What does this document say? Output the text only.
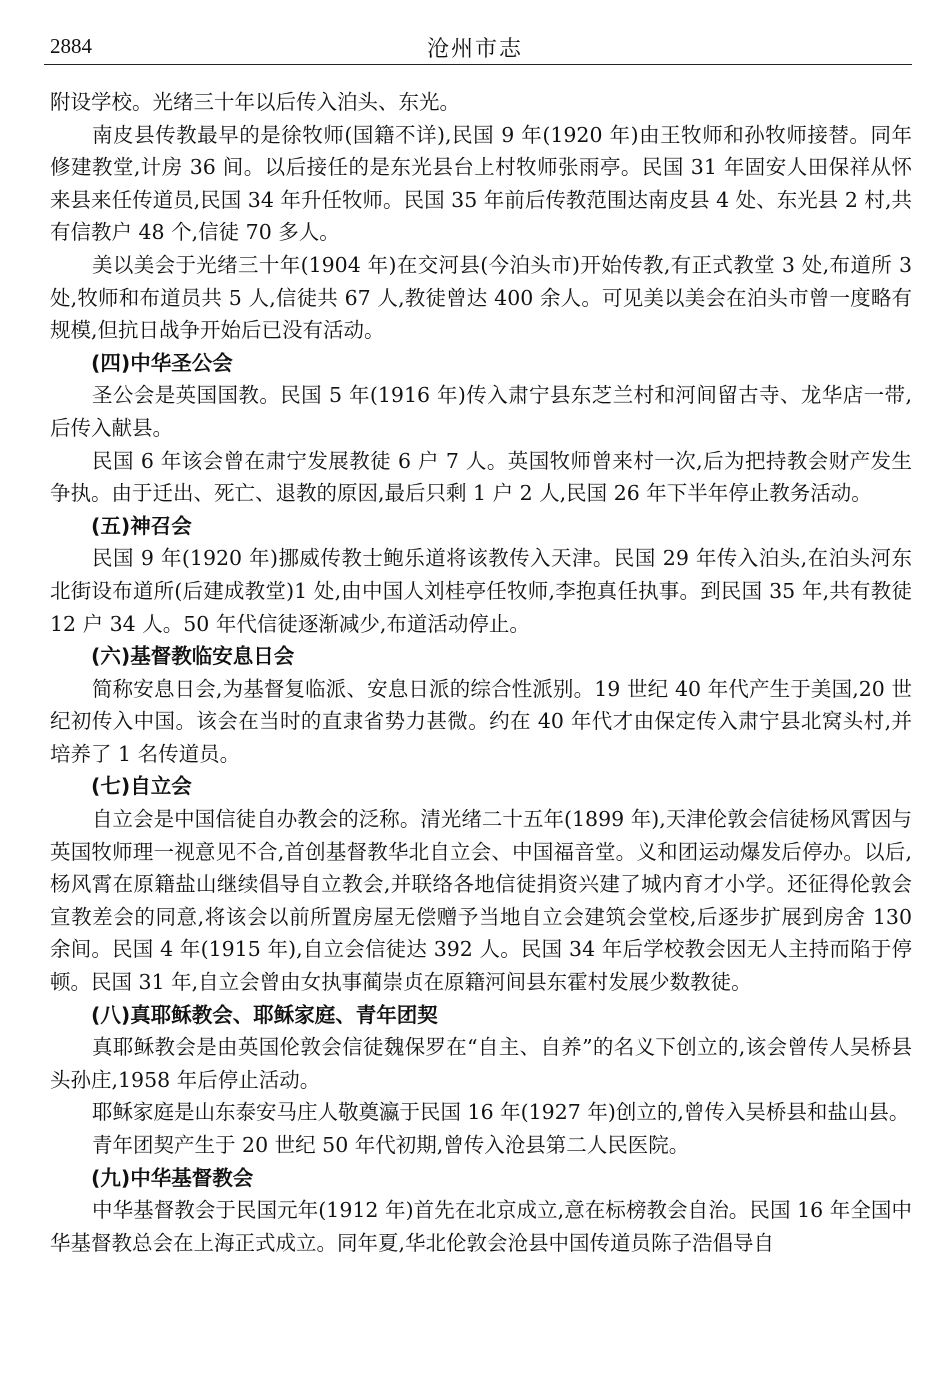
2884	沧州市志

附设学校。光绪三十年以后传入泊头、东光。

南皮县传教最早的是徐牧师(国籍不详),民国 9 年(1920 年)由王牧师和孙牧师接替。同年修建教堂,计房 36 间。以后接任的是东光县台上村牧师张雨亭。民国 31 年固安人田保祥从怀来县来任传道员,民国 34 年升任牧师。民国 35 年前后传教范围达南皮县 4 处、东光县 2 村,共有信教户 48 个,信徒 70 多人。

美以美会于光绪三十年(1904 年)在交河县(今泊头市)开始传教,有正式教堂 3 处,布道所 3 处,牧师和布道员共 5 人,信徒共 67 人,教徒曾达 400 余人。可见美以美会在泊头市曾一度略有规模,但抗日战争开始后已没有活动。

(四)中华圣公会

圣公会是英国国教。民国 5 年(1916 年)传入肃宁县东芝兰村和河间留古寺、龙华店一带,后传入献县。

民国 6 年该会曾在肃宁发展教徒 6 户 7 人。英国牧师曾来村一次,后为把持教会财产发生争执。由于迁出、死亡、退教的原因,最后只剩 1 户 2 人,民国 26 年下半年停止教务活动。

(五)神召会

民国 9 年(1920 年)挪威传教士鲍乐道将该教传入天津。民国 29 年传入泊头,在泊头河东北街设布道所(后建成教堂)1 处,由中国人刘桂亭任牧师,李抱真任执事。到民国 35 年,共有教徒 12 户 34 人。50 年代信徒逐渐减少,布道活动停止。

(六)基督教临安息日会

简称安息日会,为基督复临派、安息日派的综合性派别。19 世纪 40 年代产生于美国,20 世纪初传入中国。该会在当时的直隶省势力甚微。约在 40 年代才由保定传入肃宁县北窝头村,并培养了 1 名传道员。

(七)自立会

自立会是中国信徒自办教会的泛称。清光绪二十五年(1899 年),天津伦敦会信徒杨风霄因与英国牧师理一视意见不合,首创基督教华北自立会、中国福音堂。义和团运动爆发后停办。以后,杨风霄在原籍盐山继续倡导自立教会,并联络各地信徒捐资兴建了城内育才小学。还征得伦敦会宣教差会的同意,将该会以前所置房屋无偿赠予当地自立会建筑会堂校,后逐步扩展到房舍 130 余间。民国 4 年(1915 年),自立会信徒达 392 人。民国 34 年后学校教会因无人主持而陷于停顿。民国 31 年,自立会曾由女执事蔺崇贞在原籍河间县东霍村发展少数教徒。

(八)真耶稣教会、耶稣家庭、青年团契

真耶稣教会是由英国伦敦会信徒魏保罗在“自主、自养”的名义下创立的,该会曾传人吴桥县头孙庄,1958 年后停止活动。

耶稣家庭是山东泰安马庄人敬奠瀛于民国 16 年(1927 年)创立的,曾传入吴桥县和盐山县。

青年团契产生于 20 世纪 50 年代初期,曾传入沧县第二人民医院。

(九)中华基督教会

中华基督教会于民国元年(1912 年)首先在北京成立,意在标榜教会自治。民国 16 年全国中华基督教总会在上海正式成立。同年夏,华北伦敦会沧县中国传道员陈子浩倡导自
